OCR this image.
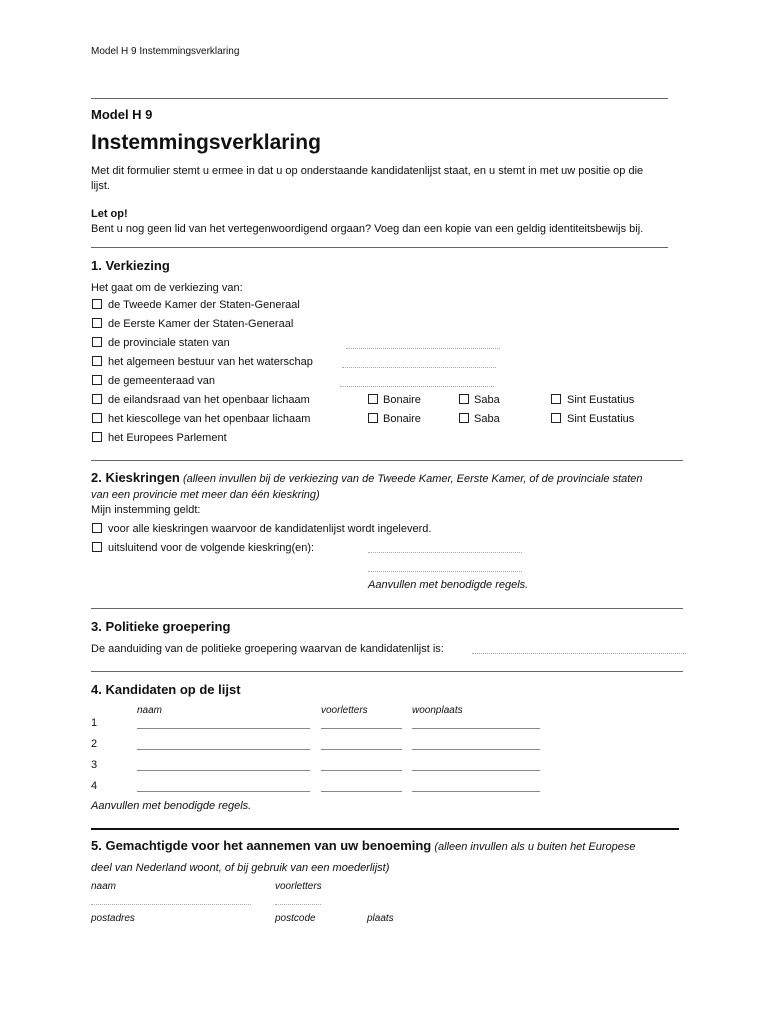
Model H 9 Instemmingsverklaring
Model H 9
Instemmingsverklaring
Met dit formulier stemt u ermee in dat u op onderstaande kandidatenlijst staat, en u stemt in met uw positie op die
lijst.
Let op!
Bent u nog geen lid van het vertegenwoordigend orgaan? Voeg dan een kopie van een geldig identiteitsbewijs bij.
1. Verkiezing
Het gaat om de verkiezing van:
de Tweede Kamer der Staten-Generaal
de Eerste Kamer der Staten-Generaal
de provinciale staten van
het algemeen bestuur van het waterschap
de gemeenteraad van
de eilandsraad van het openbaar lichaam	Bonaire	Saba	Sint Eustatius
het kiescollege van het openbaar lichaam	Bonaire	Saba	Sint Eustatius
het Europees Parlement
2. Kieskringen (alleen invullen bij de verkiezing van de Tweede Kamer, Eerste Kamer, of de provinciale staten
van een provincie met meer dan één kieskring)
Mijn instemming geldt:
voor alle kieskringen waarvoor de kandidatenlijst wordt ingeleverd.
uitsluitend voor de volgende kieskring(en):
Aanvullen met benodigde regels.
3. Politieke groepering
De aanduiding van de politieke groepering waarvan de kandidatenlijst is:
4. Kandidaten op de lijst
naam	voorletters	woonplaats
1
2
3
4
Aanvullen met benodigde regels.
5. Gemachtigde voor het aannemen van uw benoeming (alleen invullen als u buiten het Europese
deel van Nederland woont, of bij gebruik van een moederlijst)
naam	voorletters
postadres	postcode	plaats
